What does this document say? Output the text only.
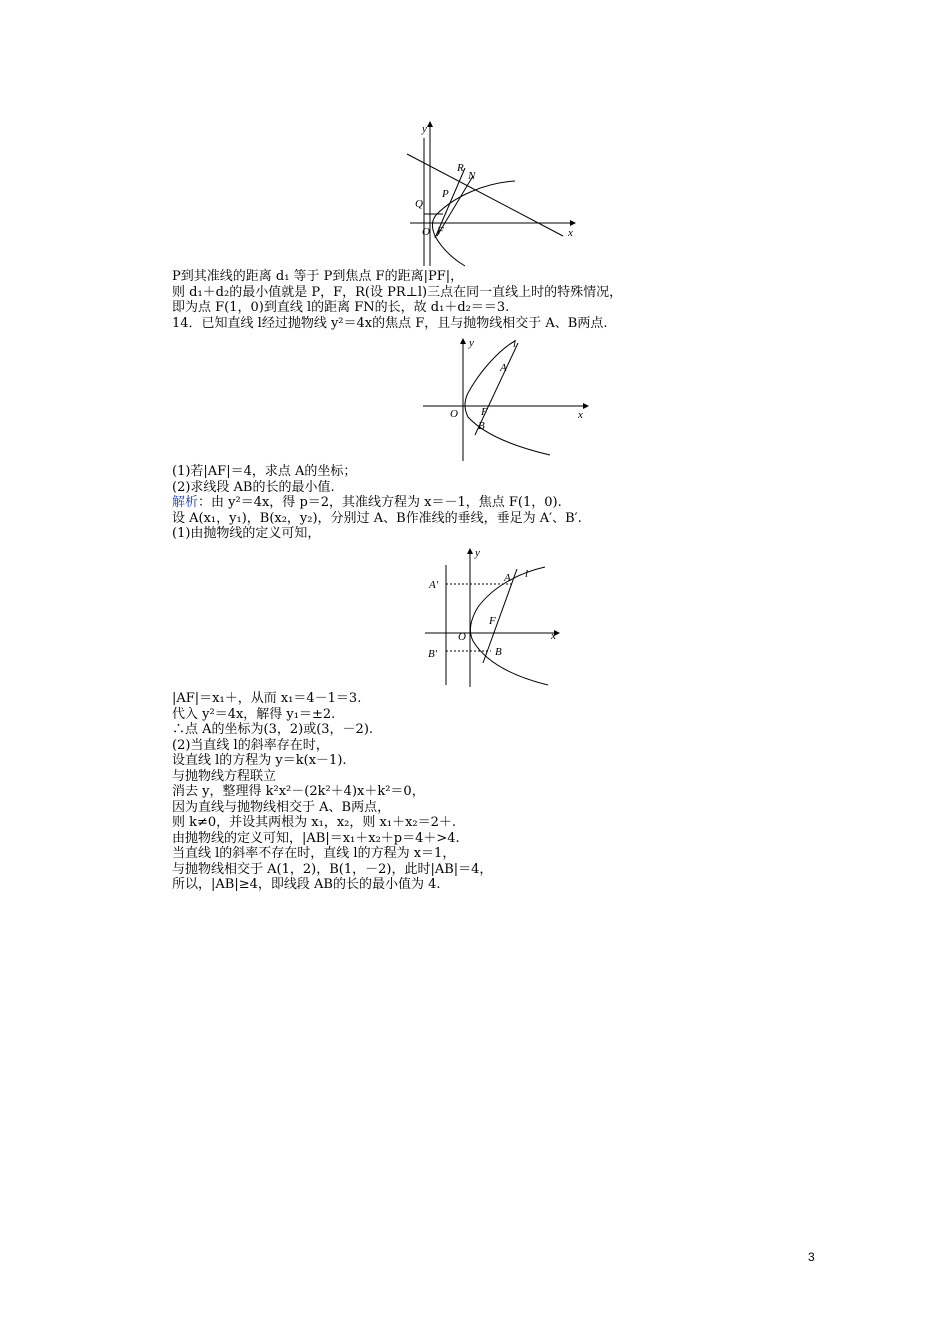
y
x
R
N
P
Q
O F
P到其准线的距离 d₁ 等于 P到焦点 F的距离|PF|，
则 d₁＋d₂的最小值就是 P，F，R(设 PR⊥l)三点在同一直线上时的特殊情况，
即为点 F(1，0)到直线 l的距离 FN的长，故 d₁＋d₂＝＝3.
14．已知直线 l经过抛物线 y²＝4x的焦点 F，且与抛物线相交于 A、B两点.
y	l
A
O F
B
x
(1)若|AF|＝4，求点 A的坐标；
(2)求线段 AB的长的最小值.
解析：由 y²＝4x，得 p＝2，其准线方程为 x＝－1，焦点 F(1，0).
设 A(x₁，y₁)，B(x₂，y₂)，分别过 A、B作准线的垂线，垂足为 A′、B′.
(1)由抛物线的定义可知，
y
A′
A l
F
O	x
B′	B
|AF|＝x₁＋，从而 x₁＝4－1＝3.
代入 y²＝4x，解得 y₁＝±2.
∴点 A的坐标为(3，2)或(3，－2).
(2)当直线 l的斜率存在时，
设直线 l的方程为 y＝k(x－1).
与抛物线方程联立
消去 y，整理得 k²x²－(2k²＋4)x＋k²＝0，
因为直线与抛物线相交于 A、B两点，
则 k≠0，并设其两根为 x₁，x₂，则 x₁＋x₂＝2＋.
由抛物线的定义可知，|AB|＝x₁＋x₂＋p＝4＋>4.
当直线 l的斜率不存在时，直线 l的方程为 x＝1，
与抛物线相交于 A(1，2)，B(1，－2)，此时|AB|＝4，
所以，|AB|≥4，即线段 AB的长的最小值为 4.
3
